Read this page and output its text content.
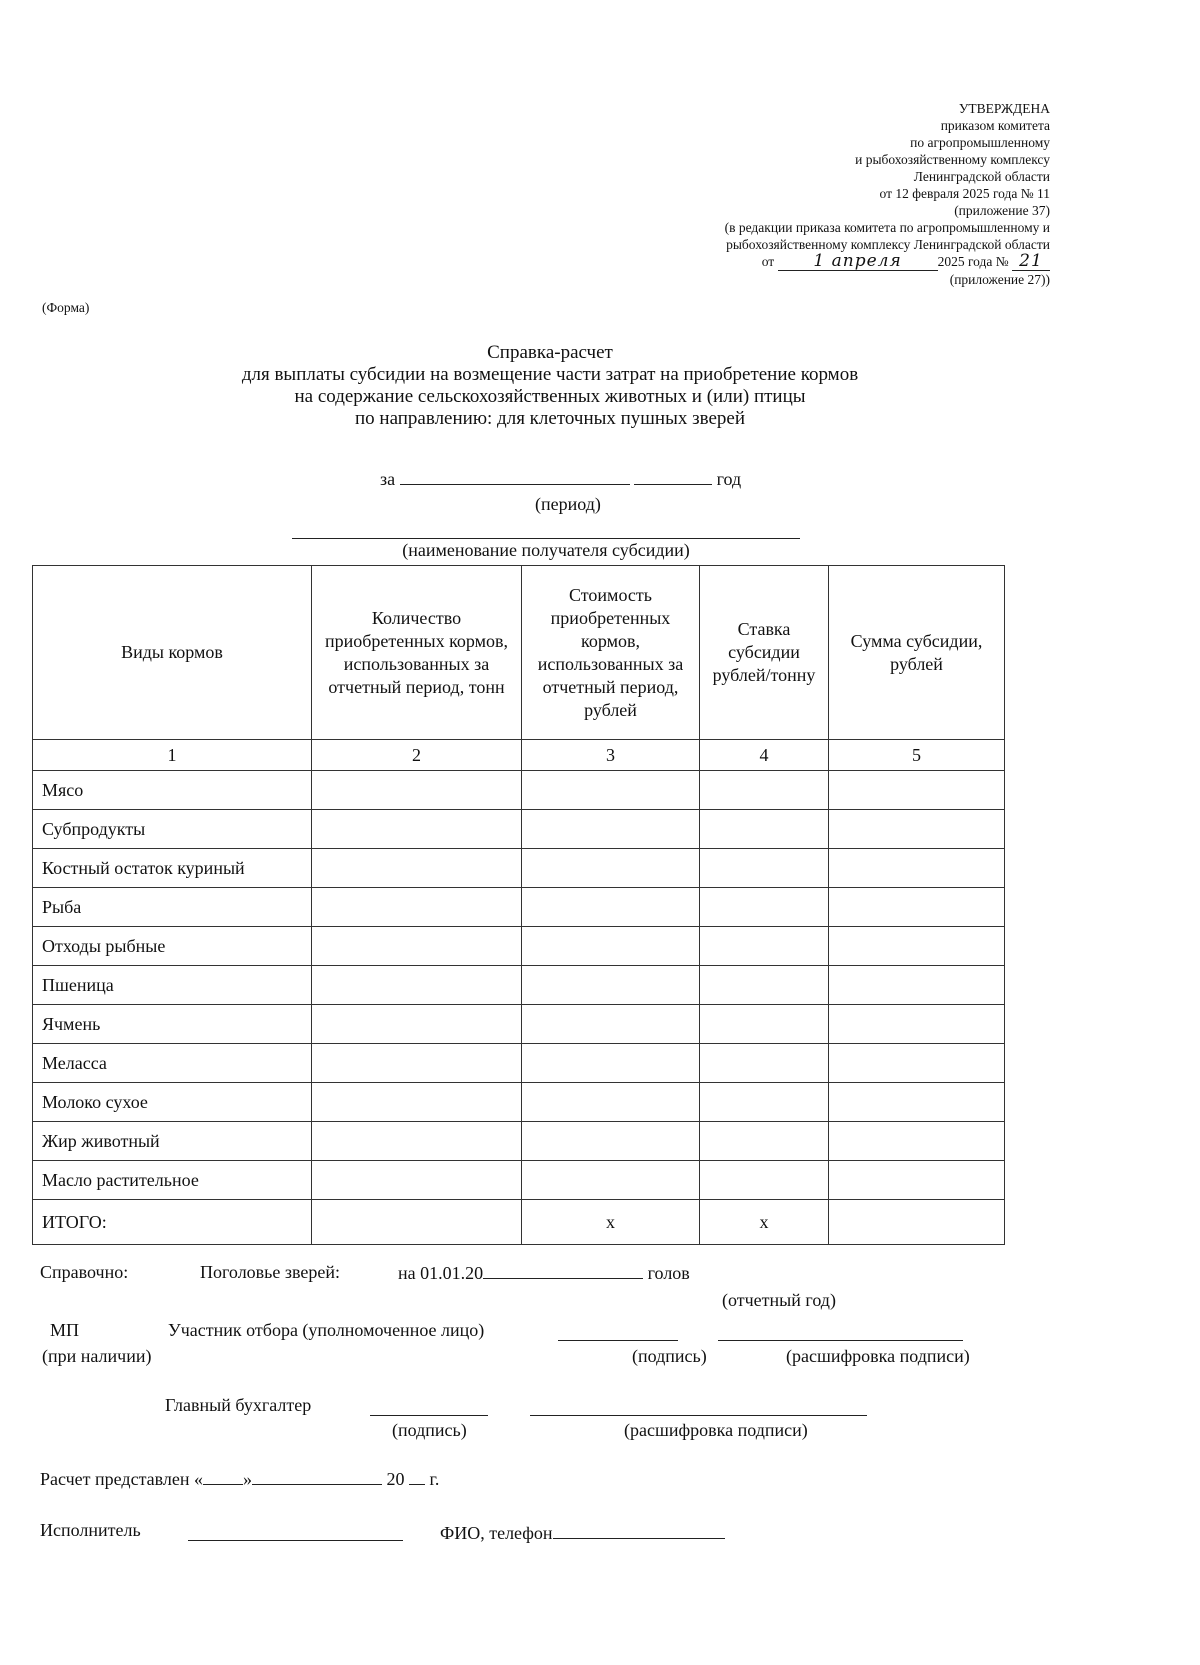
УТВЕРЖДЕНА
приказом комитета
по агропромышленному
и рыбохозяйственному комплексу
Ленинградской области
от 12 февраля 2025 года № 11
(приложение 37)
(в редакции приказа комитета по агропромышленному и
рыбохозяйственному комплексу Ленинградской области
от 1 апреля	2025 года № 21
(приложение 27))
(Форма)
Справка-расчет
для выплаты субсидии на возмещение части затрат на приобретение кормов
на содержание сельскохозяйственных животных и (или) птицы
по направлению: для клеточных пушных зверей
за	год
(период)
(наименование получателя субсидии)
Виды кормов	Количество приобретенных кормов, использованных за отчетный период, тонн	Стоимость приобретенных кормов, использованных за отчетный период, рублей	Ставка субсидии рублей/тонну	Сумма субсидии, рублей
1	2	3	4	5
Мясо				
Субпродукты				
Костный остаток куриный				
Рыба				
Отходы рыбные				
Пшеница				
Ячмень				
Меласса				
Молоко сухое				
Жир животный				
Масло растительное				
ИТОГО:		х	х	
Справочно:	Поголовье зверей:	на 01.01.20	голов
(отчетный год)
МП	Участник отбора (уполномоченное лицо)
(при наличии)	(подпись)	(расшифровка подписи)
Главный бухгалтер
(подпись)	(расшифровка подписи)
Расчет представлен « »	20 г.
Исполнитель	ФИО, телефон
